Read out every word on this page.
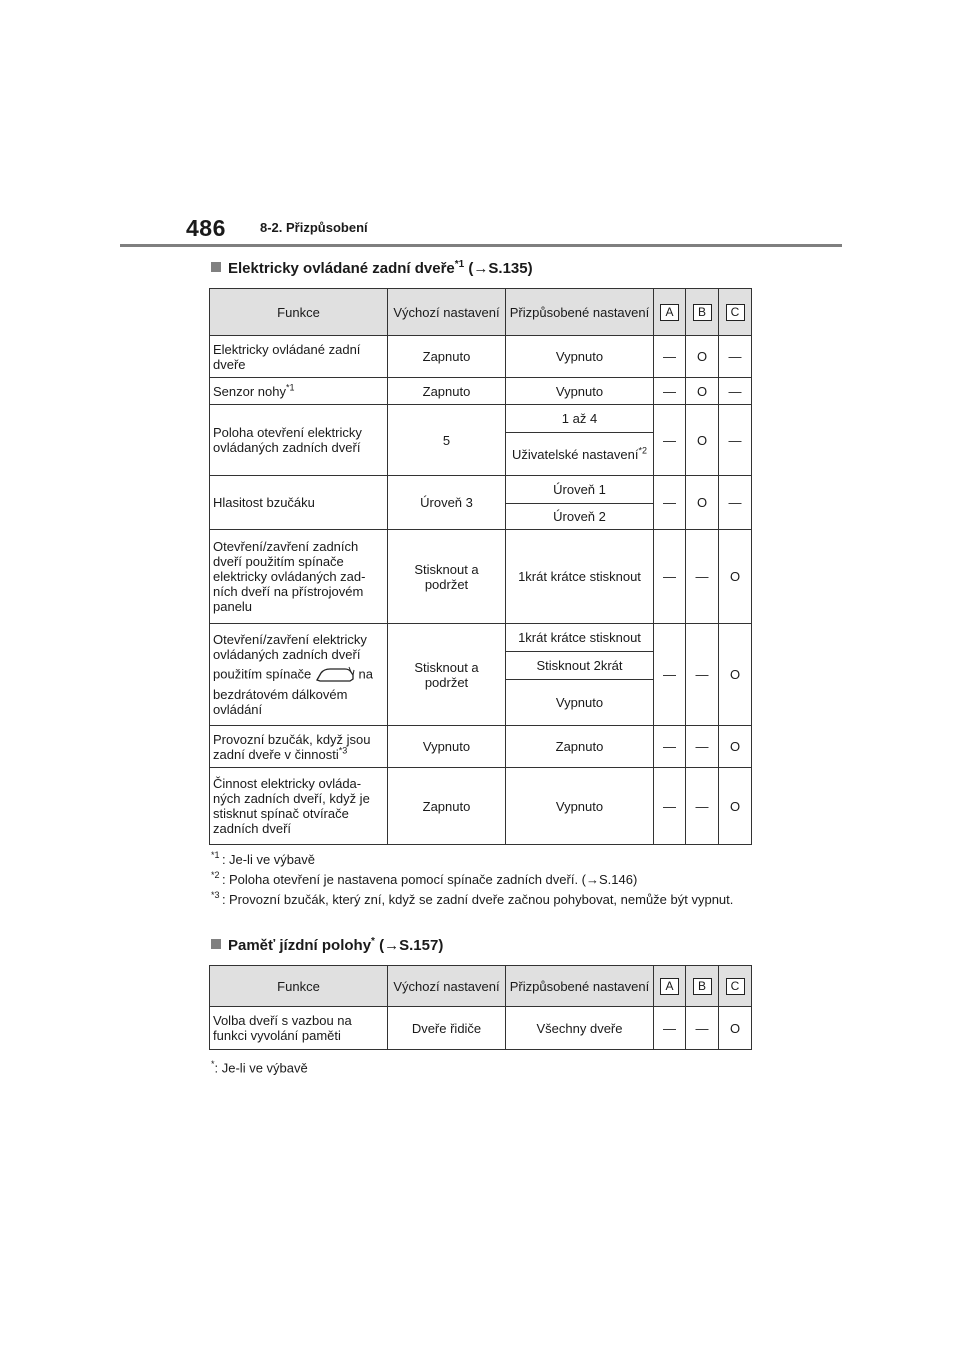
486	8-2. Přizpůsobení
Elektricky ovládané zadní dveře$^{*1}$ (→S.135)
Funkce	Výchozí nastavení	Přizpůsobené nastavení	A	B	C
Elektricky ovládané zadní dveře	Zapnuto	Vypnuto	—	O	—
Senzor nohy$^{*1}$	Zapnuto	Vypnuto	—	O	—
Poloha otevření elektricky ovládaných zadních dveří	5	1 až 4	—	O	—
		Uživatelské nastavení$^{*2}$
Hlasitost bzučáku	Úroveň 3	Úroveň 1	—	O	—
		Úroveň 2			
Otevření/zavření zadních dveří použitím spínače elektricky ovládaných zadních dveří na přístrojovém panelu	Stisknout a podržet	1krát krátce stisknout	—	—	O

Otevření/zavření elektricky ovládaných zadních dveří
použitím spínače na
bezdrátovém dálkovém ovládání	Stisknout a podržet	1krát krátce stisknout	—	—	O
		Stisknout 2krát			
		Vypnuto			
Provozní bzučák, když jsou zadní dveře v činnosti$^{*3}$	Vypnuto	Zapnuto	—	—	O
Činnost elektricky ovládaných zadních dveří, když je stisknut spínač otvírače zadních dveří	Zapnuto	Vypnuto	—	—	O
*1 : Je-li ve výbavě
*2 : Poloha otevření je nastavena pomocí spínače zadních dveří. (→S.146)
*3 : Provozní bzučák, který zní, když se zadní dveře začnou pohybovat, nemůže být vypnut.
Paměť jízdní polohy* (→S.157)
Funkce	Výchozí nastavení	Přizpůsobené nastavení	A	B	C
Volba dveří s vazbou na funkci vyvolání paměti	Dveře řidiče	Všechny dveře	—	—	O
*: Je-li ve výbavě
